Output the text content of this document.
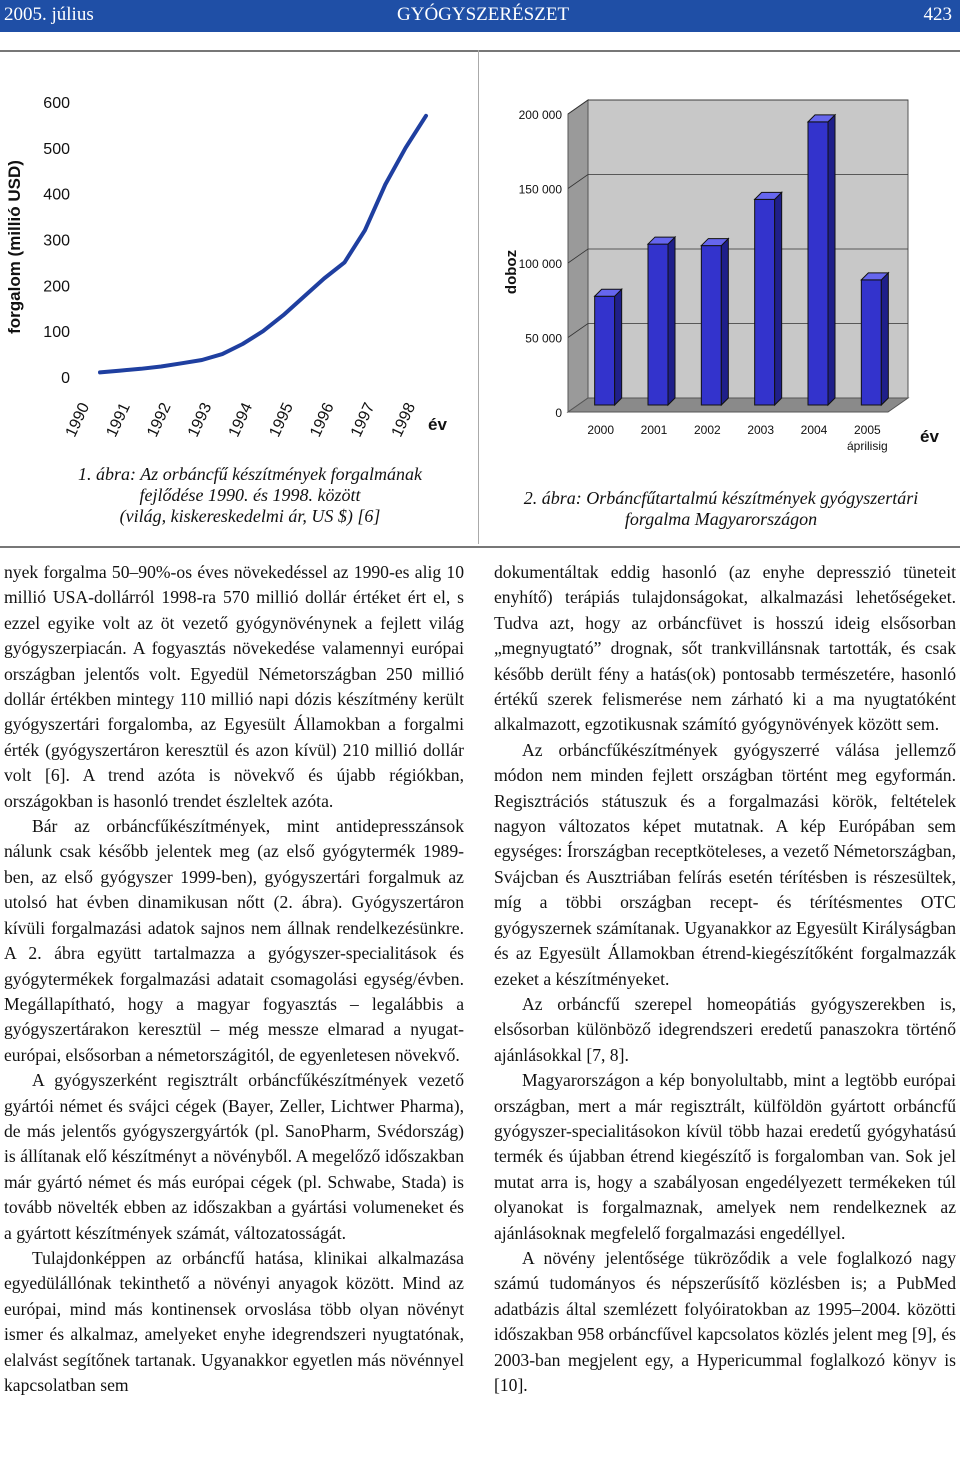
2005. július	GYÓGYSZERÉSZET	423
0
100
200
300
400
500
600
1990 1991 1992 1993 1994 1995 1996 1997 1998
forgalom (millió USD)
év
1. ábra: Az orbáncfű készítmények forgalmának
fejlődése 1990. és 1998. között
(világ, kiskereskedelmi ár, US $) [6]
0
50 000
100 000
150 000
200 000
2000 2001 2002 2003 2004 2005
áprilisig
doboz
év
2. ábra: Orbáncfűtartalmú készítmények gyógyszertári
forgalma Magyarországon

nyek forgalma 50–90%-os éves növekedéssel az 1990-es alig 10 millió USA-dollárról 1998-ra 570 millió dollár értéket ért el, s ezzel egyike volt az öt vezető gyógynövénynek a fejlett világ gyógyszerpiacán. A fogyasztás növekedése valamennyi európai országban jelentős volt. Egyedül Németországban 250 millió dollár értékben mintegy 110 millió napi dózis készítmény került gyógyszertári forgalomba, az Egyesült Államokban a forgalmi érték (gyógyszertáron keresztül és azon kívül) 210 millió dollár volt [6]. A trend azóta is növekvő és újabb régiókban, országokban is hasonló trendet észleltek azóta.

Bár az orbáncfűkészítmények, mint antidepresszánsok nálunk csak később jelentek meg (az első gyógytermék 1989-ben, az első gyógyszer 1999-ben), gyógyszertári forgalmuk az utolsó hat évben dinamikusan nőtt (2. ábra). Gyógyszertáron kívüli forgalmazási adatok sajnos nem állnak rendelkezésünkre. A 2. ábra együtt tartalmazza a gyógyszer-specialitások és gyógytermékek forgalmazási adatait csomagolási egység/évben. Megállapítható, hogy a magyar fogyasztás – legalábbis a gyógyszertárakon keresztül – még messze elmarad a nyugat-európai, elsősorban a németországitól, de egyenletesen növekvő.

A gyógyszerként regisztrált orbáncfűkészítmények vezető gyártói német és svájci cégek (Bayer, Zeller, Lichtwer Pharma), de más jelentős gyógyszergyártók (pl. SanoPharm, Svédország) is állítanak elő készítményt a növényből. A megelőző időszakban már gyártó német és más európai cégek (pl. Schwabe, Stada) is tovább növelték ebben az időszakban a gyártási volumeneket és a gyártott készítmények számát, változatosságát.

Tulajdonképpen az orbáncfű hatása, klinikai alkalmazása egyedülállónak tekinthető a növényi anyagok között. Mind az európai, mind más kontinensek orvoslása több olyan növényt ismer és alkalmaz, amelyeket enyhe idegrendszeri nyugtatónak, elalvást segítőnek tartanak. Ugyanakkor egyetlen más növénnyel kapcsolatban sem

dokumentáltak eddig hasonló (az enyhe depresszió tüneteit enyhítő) terápiás tulajdonságokat, alkalmazási lehetőségeket. Tudva azt, hogy az orbáncfüvet is hosszú ideig elsősorban „megnyugtató” drognak, sőt trankvillánsnak tartották, és csak később derült fény a hatás(ok) pontosabb természetére, hasonló értékű szerek felismerése nem zárható ki a ma nyugtatóként alkalmazott, egzotikusnak számító gyógynövények között sem.

Az orbáncfűkészítmények gyógyszerré válása jellemző módon nem minden fejlett országban történt meg egyformán. Regisztrációs státuszuk és a forgalmazási körök, feltételek nagyon változatos képet mutatnak. A kép Európában sem egységes: Írországban receptköteleses, a vezető Németországban, Svájcban és Ausztriában felírás esetén térítésben is részesültek, míg a többi országban recept- és térítésmentes OTC gyógyszernek számítanak. Ugyanakkor az Egyesült Királyságban és az Egyesült Államokban étrend-kiegészítőként forgalmazzák ezeket a készítményeket.

Az orbáncfű szerepel homeopátiás gyógyszerekben is, elsősorban különböző idegrendszeri eredetű panaszokra történő ajánlásokkal [7, 8].

Magyarországon a kép bonyolultabb, mint a legtöbb európai országban, mert a már regisztrált, külföldön gyártott orbáncfű gyógyszer-specialitásokon kívül több hazai eredetű gyógyhatású termék és újabban étrend kiegészítő is forgalomban van. Sok jel mutat arra is, hogy a szabályosan engedélyezett termékeken túl olyanokat is forgalmaznak, amelyek nem rendelkeznek az ajánlásoknak megfelelő forgalmazási engedéllyel.

A növény jelentősége tükröződik a vele foglalkozó nagy számú tudományos és népszerűsítő közlésben is; a PubMed adatbázis által szemlézett folyóiratokban az 1995–2004. közötti időszakban 958 orbáncfűvel kapcsolatos közlés jelent meg [9], és 2003-ban megjelent egy, a Hypericummal foglalkozó könyv is [10].
